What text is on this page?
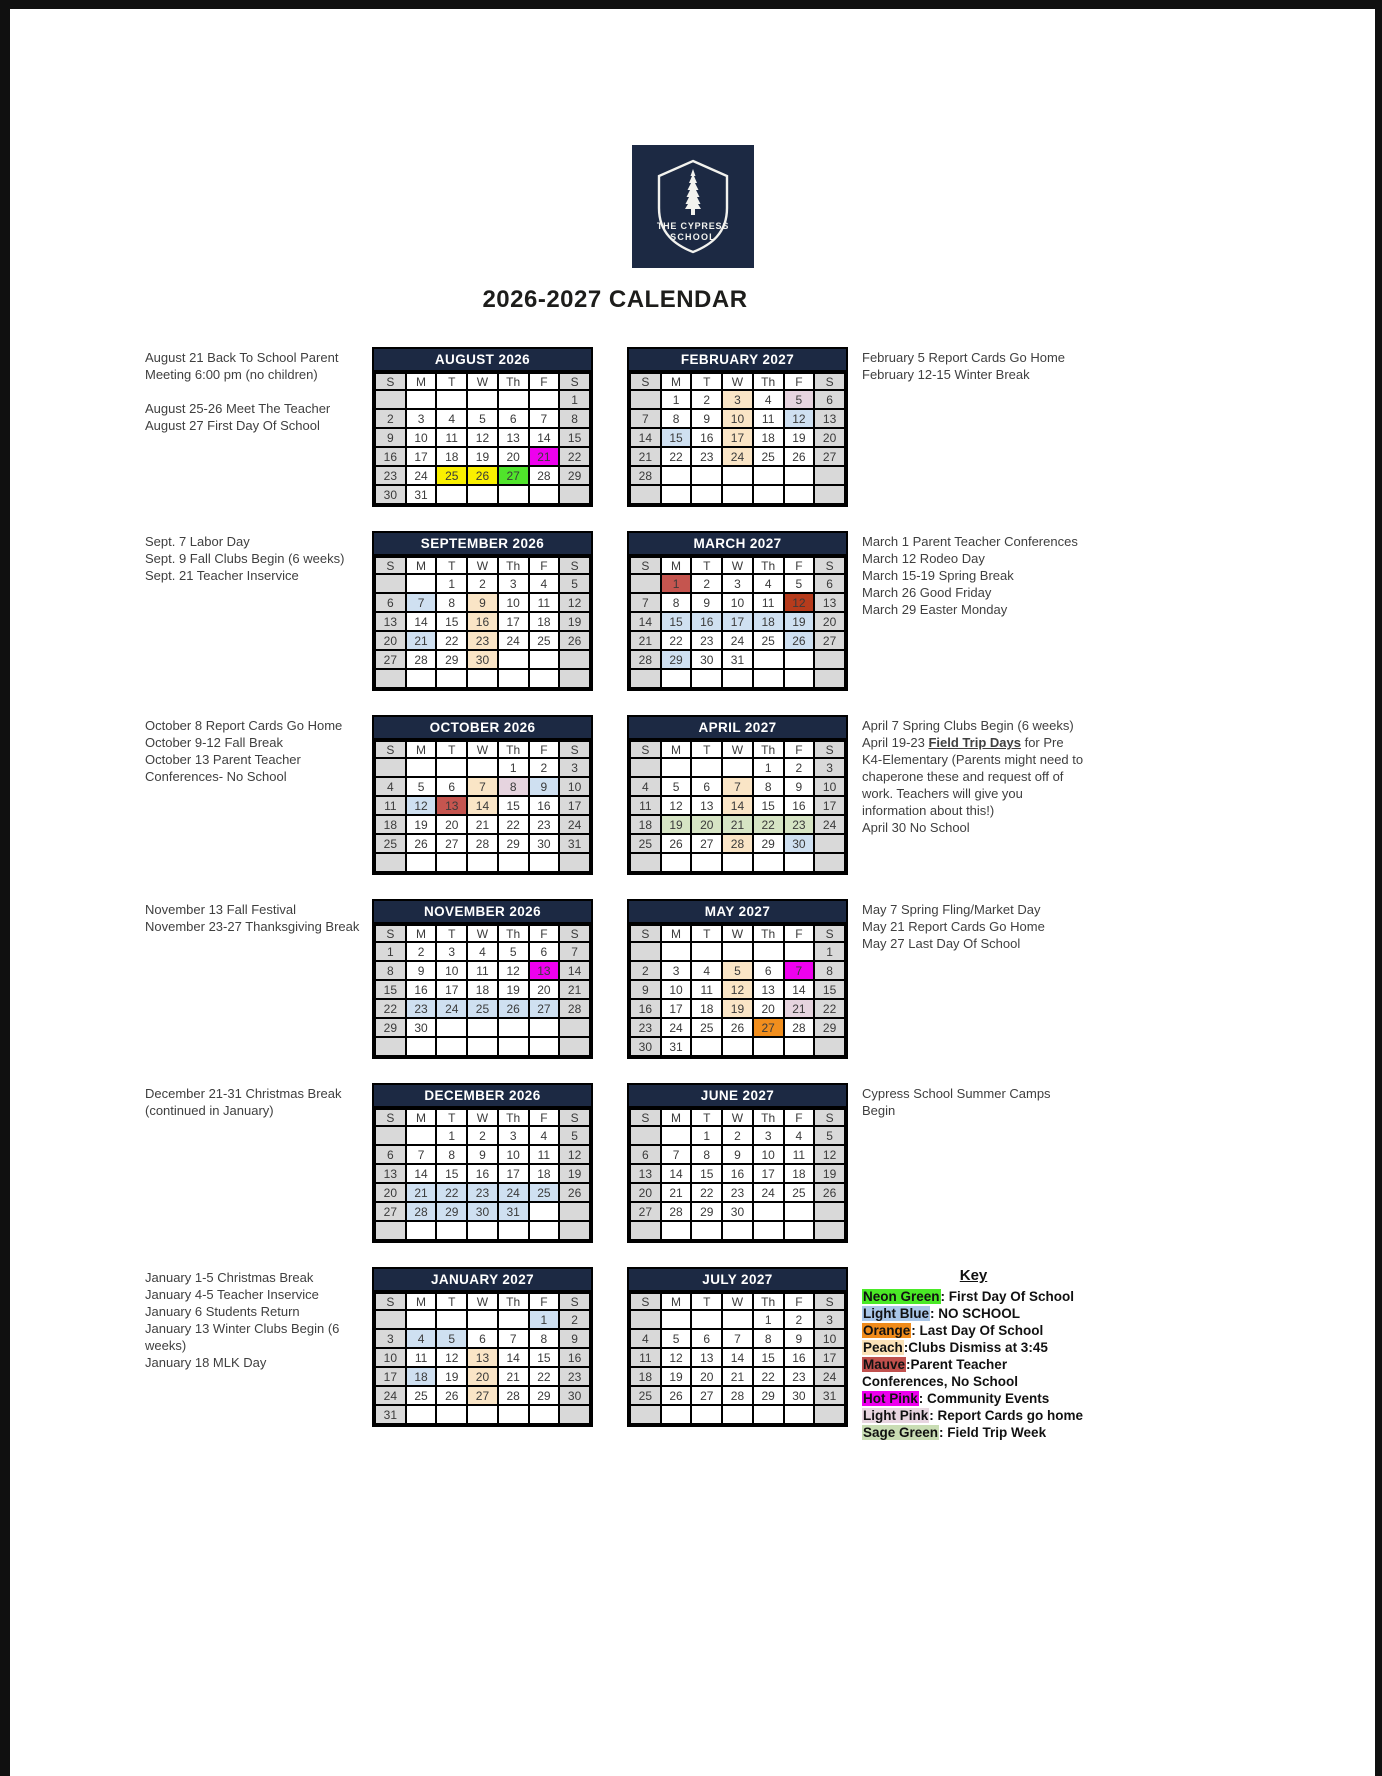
THE CYPRESS
SCHOOL
2026-2027 CALENDAR
August 21 Back To School Parent Meeting 6:00 pm (no children)
August 25-26 Meet The Teacher
August 27 First Day Of School
AUGUST 2026
S	M	T	W	Th	F	S
						1
2	3	4	5	6	7	8
9	10	11	12	13	14	15
16	17	18	19	20	21	22
23	24	25	26	27	28	29
30	31					
FEBRUARY 2027
S	M	T	W	Th	F	S
	1	2	3	4	5	6
7	8	9	10	11	12	13
14	15	16	17	18	19	20
21	22	23	24	25	26	27
28						

February 5 Report Cards Go Home
February 12-15 Winter Break
Sept. 7 Labor Day
Sept. 9 Fall Clubs Begin (6 weeks)
Sept. 21 Teacher Inservice
SEPTEMBER 2026
S	M	T	W	Th	F	S
		1	2	3	4	5
6	7	8	9	10	11	12
13	14	15	16	17	18	19
20	21	22	23	24	25	26
27	28	29	30			

MARCH 2027
S	M	T	W	Th	F	S
	1	2	3	4	5	6
7	8	9	10	11	12	13
14	15	16	17	18	19	20
21	22	23	24	25	26	27
28	29	30	31			

March 1 Parent Teacher Conferences
March 12 Rodeo Day
March 15-19 Spring Break
March 26 Good Friday
March 29 Easter Monday
October 8 Report Cards Go Home
October 9-12 Fall Break
October 13 Parent Teacher Conferences- No School
OCTOBER 2026
S	M	T	W	Th	F	S
				1	2	3
4	5	6	7	8	9	10
11	12	13	14	15	16	17
18	19	20	21	22	23	24
25	26	27	28	29	30	31

APRIL 2027
S	M	T	W	Th	F	S
				1	2	3
4	5	6	7	8	9	10
11	12	13	14	15	16	17
18	19	20	21	22	23	24
25	26	27	28	29	30	

April 7 Spring Clubs Begin (6 weeks)
April 19-23 Field Trip Days for Pre K4-Elementary (Parents might need to chaperone these and request off of work. Teachers will give you information about this!)
April 30 No School
November 13 Fall Festival
November 23-27 Thanksgiving Break
NOVEMBER 2026
S	M	T	W	Th	F	S
1	2	3	4	5	6	7
8	9	10	11	12	13	14
15	16	17	18	19	20	21
22	23	24	25	26	27	28
29	30					

MAY 2027
S	M	T	W	Th	F	S
						1
2	3	4	5	6	7	8
9	10	11	12	13	14	15
16	17	18	19	20	21	22
23	24	25	26	27	28	29
30	31					
May 7 Spring Fling/Market Day
May 21 Report Cards Go Home
May 27 Last Day Of School
December 21-31 Christmas Break (continued in January)
DECEMBER 2026
S	M	T	W	Th	F	S
		1	2	3	4	5
6	7	8	9	10	11	12
13	14	15	16	17	18	19
20	21	22	23	24	25	26
27	28	29	30	31		

JUNE 2027
S	M	T	W	Th	F	S
		1	2	3	4	5
6	7	8	9	10	11	12
13	14	15	16	17	18	19
20	21	22	23	24	25	26
27	28	29	30			

Cypress School Summer Camps Begin
January 1-5 Christmas Break
January 4-5 Teacher Inservice
January 6 Students Return
January 13 Winter Clubs Begin (6 weeks)
January 18 MLK Day
JANUARY 2027
S	M	T	W	Th	F	S
					1	2
3	4	5	6	7	8	9
10	11	12	13	14	15	16
17	18	19	20	21	22	23
24	25	26	27	28	29	30
31						
JULY 2027
S	M	T	W	Th	F	S
				1	2	3
4	5	6	7	8	9	10
11	12	13	14	15	16	17
18	19	20	21	22	23	24
25	26	27	28	29	30	31

Key
Neon Green: First Day Of School
Light Blue: NO SCHOOL
Orange: Last Day Of School
Peach:Clubs Dismiss at 3:45
Mauve:Parent Teacher Conferences, No School
Hot Pink: Community Events
Light Pink: Report Cards go home
Sage Green: Field Trip Week
